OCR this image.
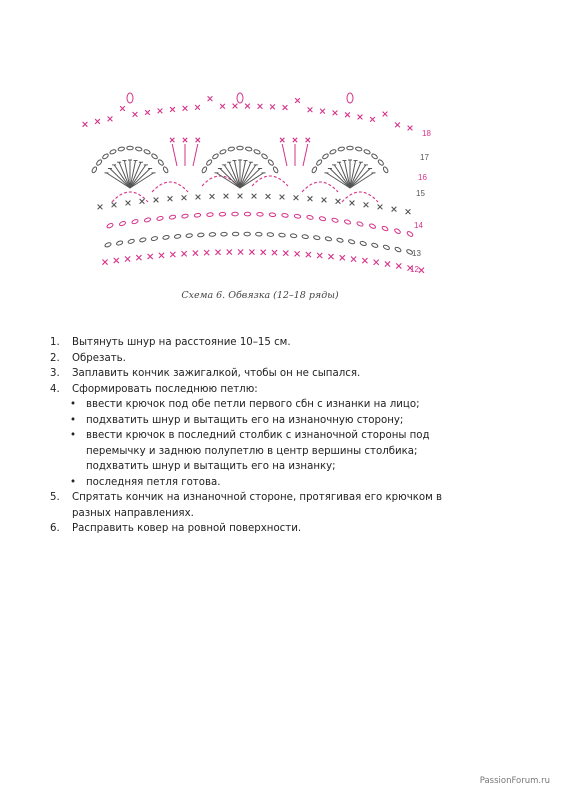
18
17
16
15
14
13
12
Схема 6. Обвязка (12–18 ряды)
1. Вытянуть шнур на расстояние 10–15 см.
2. Обрезать.
3. Заплавить кончик зажигалкой, чтобы он не сыпался.
4. Сформировать последнюю петлю:
• ввести крючок под обе петли первого сбн с изнанки на лицо;
• подхватить шнур и вытащить его на изнаночную сторону;
• ввести крючок в последний столбик с изнаночной стороны под перемычку и заднюю полупетлю в центр вершины столбика; подхватить шнур и вытащить его на изнанку;
• последняя петля готова.
5. Спрятать кончик на изнаночной стороне, протягивая его крючком в разных направлениях.
6. Расправить ковер на ровной поверхности.
PassionForum.ru
